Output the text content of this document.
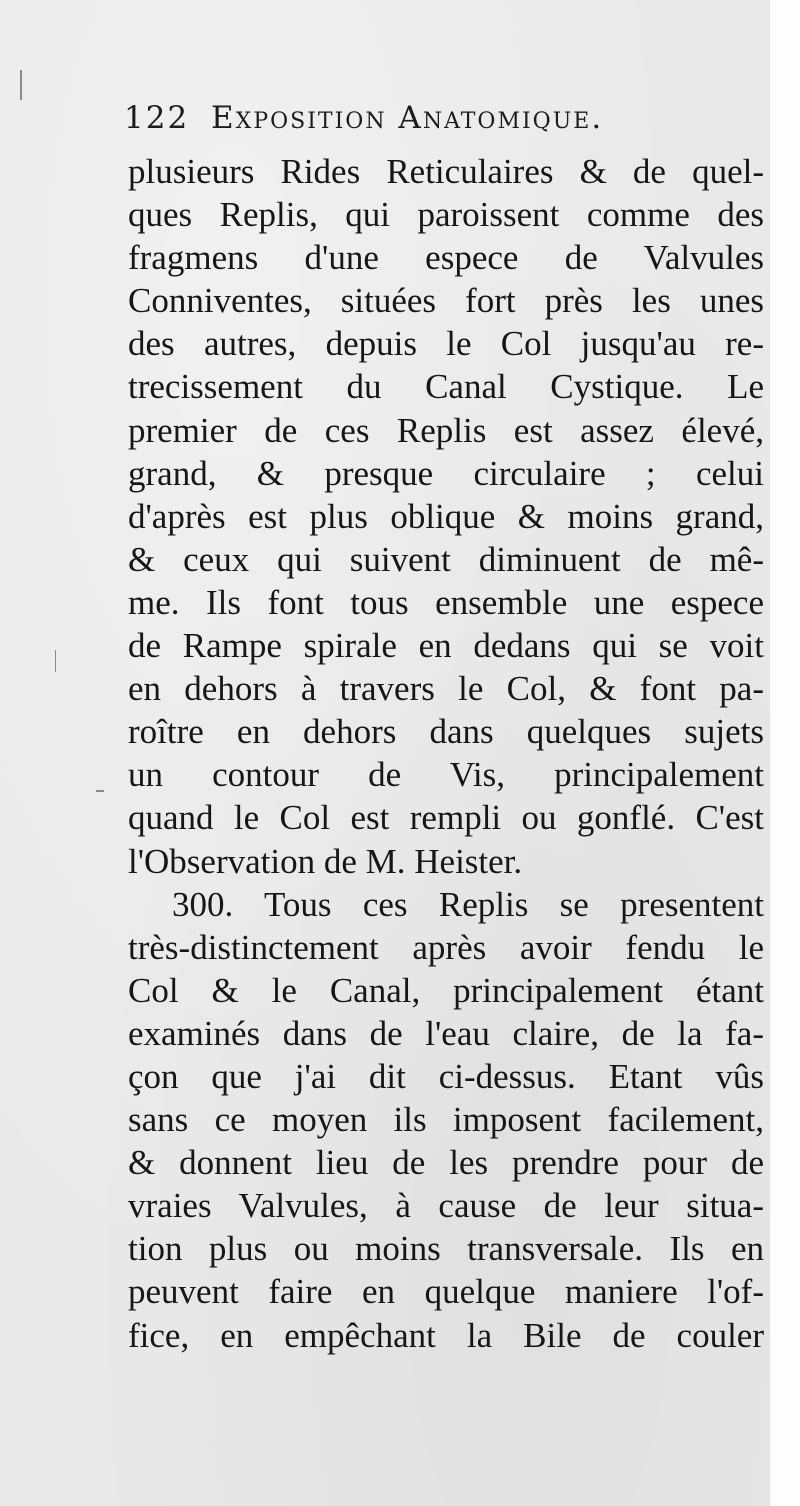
122 Exposition Anatomique.
plusieurs Rides Reticulaires & de quel-
ques Replis, qui paroissent comme des
fragmens d'une espece de Valvules
Conniventes, situées fort près les unes
des autres, depuis le Col jusqu'au re-
trecissement du Canal Cystique. Le
premier de ces Replis est assez élevé,
grand, & presque circulaire ; celui
d'après est plus oblique & moins grand,
& ceux qui suivent diminuent de mê-
me. Ils font tous ensemble une espece
de Rampe spirale en dedans qui se voit
en dehors à travers le Col, & font pa-
roître en dehors dans quelques sujets
un contour de Vis, principalement
quand le Col est rempli ou gonflé. C'est
l'Observation de M. Heister.
300. Tous ces Replis se presentent
très-distinctement après avoir fendu le
Col & le Canal, principalement étant
examinés dans de l'eau claire, de la fa-
çon que j'ai dit ci-dessus. Etant vûs
sans ce moyen ils imposent facilement,
& donnent lieu de les prendre pour de
vraies Valvules, à cause de leur situa-
tion plus ou moins transversale. Ils en
peuvent faire en quelque maniere l'of-
fice, en empêchant la Bile de couler
